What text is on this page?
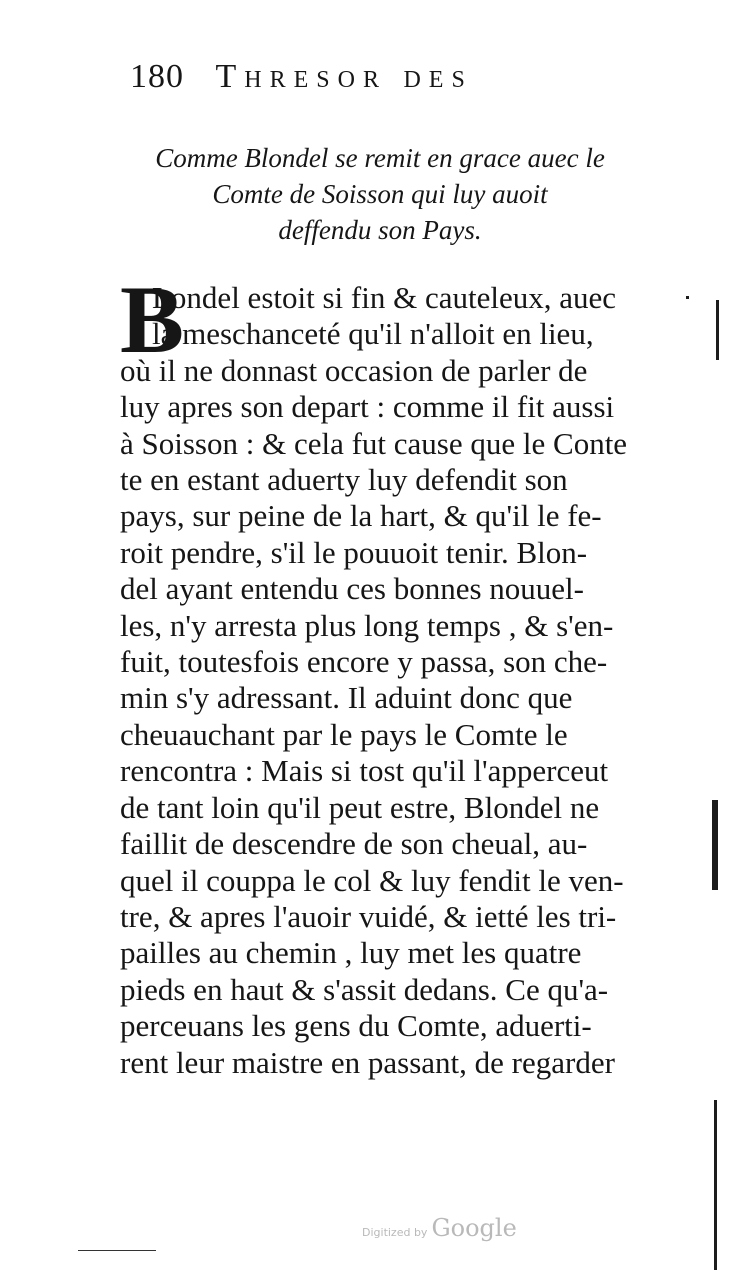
180 Thresor des
Comme Blondel se remit en grace auec le
Comte de Soisson qui luy auoit
deffendu son Pays.
B
Londel estoit si fin & cauteleux, auec
la meschanceté qu'il n'alloit en lieu,
où il ne donnast occasion de parler de
luy apres son depart : comme il fit aussi
à Soisson : & cela fut cause que le Conte
te en estant aduerty luy defendit son
pays, sur peine de la hart, & qu'il le fe-
roit pendre, s'il le pouuoit tenir. Blon-
del ayant entendu ces bonnes nouuel-
les, n'y arresta plus long temps , & s'en-
fuit, toutesfois encore y passa, son che-
min s'y adressant. Il aduint donc que
cheuauchant par le pays le Comte le
rencontra : Mais si tost qu'il l'apperceut
de tant loin qu'il peut estre, Blondel ne
faillit de descendre de son cheual, au-
quel il couppa le col & luy fendit le ven-
tre, & apres l'auoir vuidé, & ietté les tri-
pailles au chemin , luy met les quatre
pieds en haut & s'assit dedans. Ce qu'a-
perceuans les gens du Comte, aduerti-
rent leur maistre en passant, de regarder
Digitized by Google
